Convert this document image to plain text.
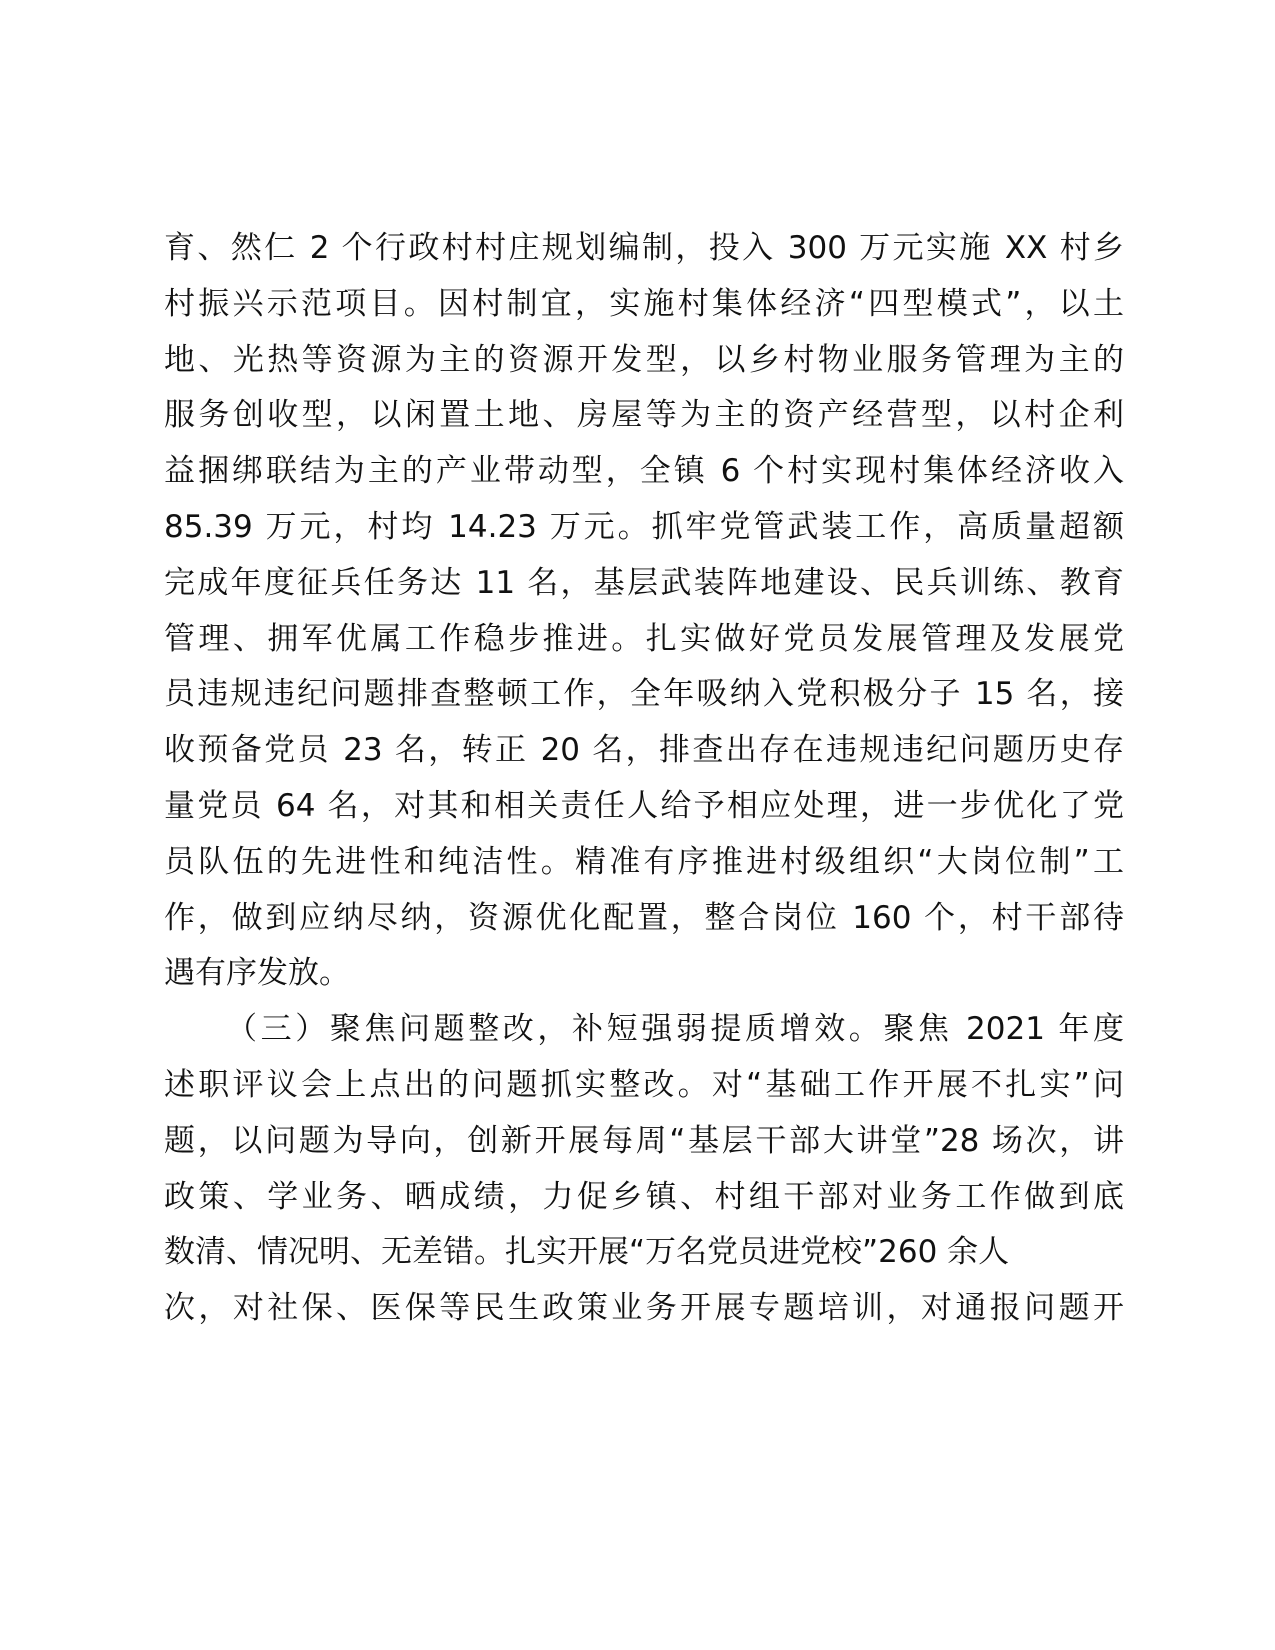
育、然仁 2 个行政村村庄规划编制，投入 300 万元实施 XX 村乡
村振兴示范项目。因村制宜，实施村集体经济“四型模式”，以土
地、光热等资源为主的资源开发型，以乡村物业服务管理为主的
服务创收型，以闲置土地、房屋等为主的资产经营型，以村企利
益捆绑联结为主的产业带动型，全镇 6 个村实现村集体经济收入
85.39 万元，村均 14.23 万元。抓牢党管武装工作，高质量超额
完成年度征兵任务达 11 名，基层武装阵地建设、民兵训练、教育
管理、拥军优属工作稳步推进。扎实做好党员发展管理及发展党
员违规违纪问题排查整顿工作，全年吸纳入党积极分子 15 名，接
收预备党员 23 名，转正 20 名，排查出存在违规违纪问题历史存
量党员 64 名，对其和相关责任人给予相应处理，进一步优化了党
员队伍的先进性和纯洁性。精准有序推进村级组织“大岗位制”工
作，做到应纳尽纳，资源优化配置，整合岗位 160 个，村干部待
遇有序发放。
（三）聚焦问题整改，补短强弱提质增效。聚焦 2021 年度
述职评议会上点出的问题抓实整改。对“基础工作开展不扎实”问
题，以问题为导向，创新开展每周“基层干部大讲堂”28 场次，讲
政策、学业务、晒成绩，力促乡镇、村组干部对业务工作做到底
数清、情况明、无差错。扎实开展“万名党员进党校”260 余人
次，对社保、医保等民生政策业务开展专题培训，对通报问题开
